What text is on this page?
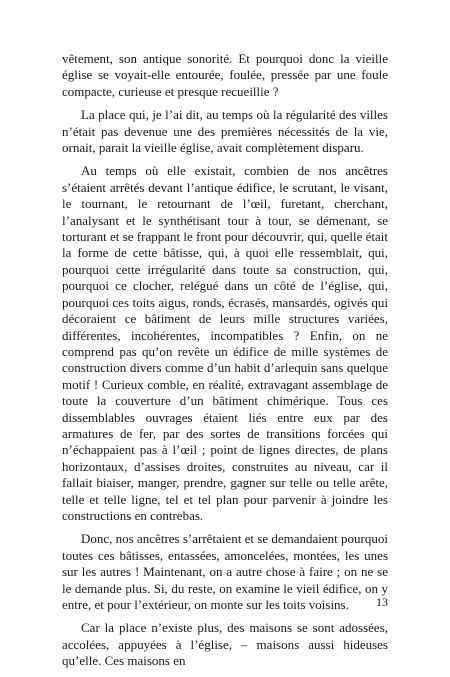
vêtement, son antique sonorité. Et pourquoi donc la vieille église se voyait-elle entourée, foulée, pressée par une foule compacte, curieuse et presque recueillie ?

La place qui, je l’ai dit, au temps où la régularité des villes n’était pas devenue une des premières nécessités de la vie, ornait, parait la vieille église, avait complètement disparu.

Au temps où elle existait, combien de nos ancêtres s’étaient arrêtés devant l’antique édifice, le scrutant, le visant, le tournant, le retournant de l’œil, furetant, cherchant, l’analysant et le synthétisant tour à tour, se démenant, se torturant et se frappant le front pour découvrir, qui, quelle était la forme de cette bâtisse, qui, à quoi elle ressemblait, qui, pourquoi cette irrégularité dans toute sa construction, qui, pourquoi ce clocher, relégué dans un côté de l’église, qui, pourquoi ces toits aigus, ronds, écrasés, mansardés, ogivés qui décoraient ce bâtiment de leurs mille structures variées, différentes, incohérentes, incompatibles ? Enfin, on ne comprend pas qu’on revête un édifice de mille systèmes de construction divers comme d’un habit d’arlequin sans quelque motif ! Curieux comble, en réalité, extravagant assemblage de toute la couverture d’un bâtiment chimérique. Tous ces dissemblables ouvrages étaient liés entre eux par des armatures de fer, par des sortes de transitions forcées qui n’échappaient pas à l’œil ; point de lignes directes, de plans horizontaux, d’assises droites, construites au niveau, car il fallait biaiser, manger, prendre, gagner sur telle ou telle arête, telle et telle ligne, tel et tel plan pour parvenir à joindre les constructions en contrebas.

Donc, nos ancêtres s’arrêtaient et se demandaient pourquoi toutes ces bâtisses, entassées, amoncelées, montées, les unes sur les autres ! Maintenant, on a autre chose à faire ; on ne se le demande plus. Si, du reste, on examine le vieil édifice, on y entre, et pour l’extérieur, on monte sur les toits voisins.

Car la place n’existe plus, des maisons se sont adossées, accolées, appuyées à l’église, – maisons aussi hideuses qu’elle. Ces maisons en

13
